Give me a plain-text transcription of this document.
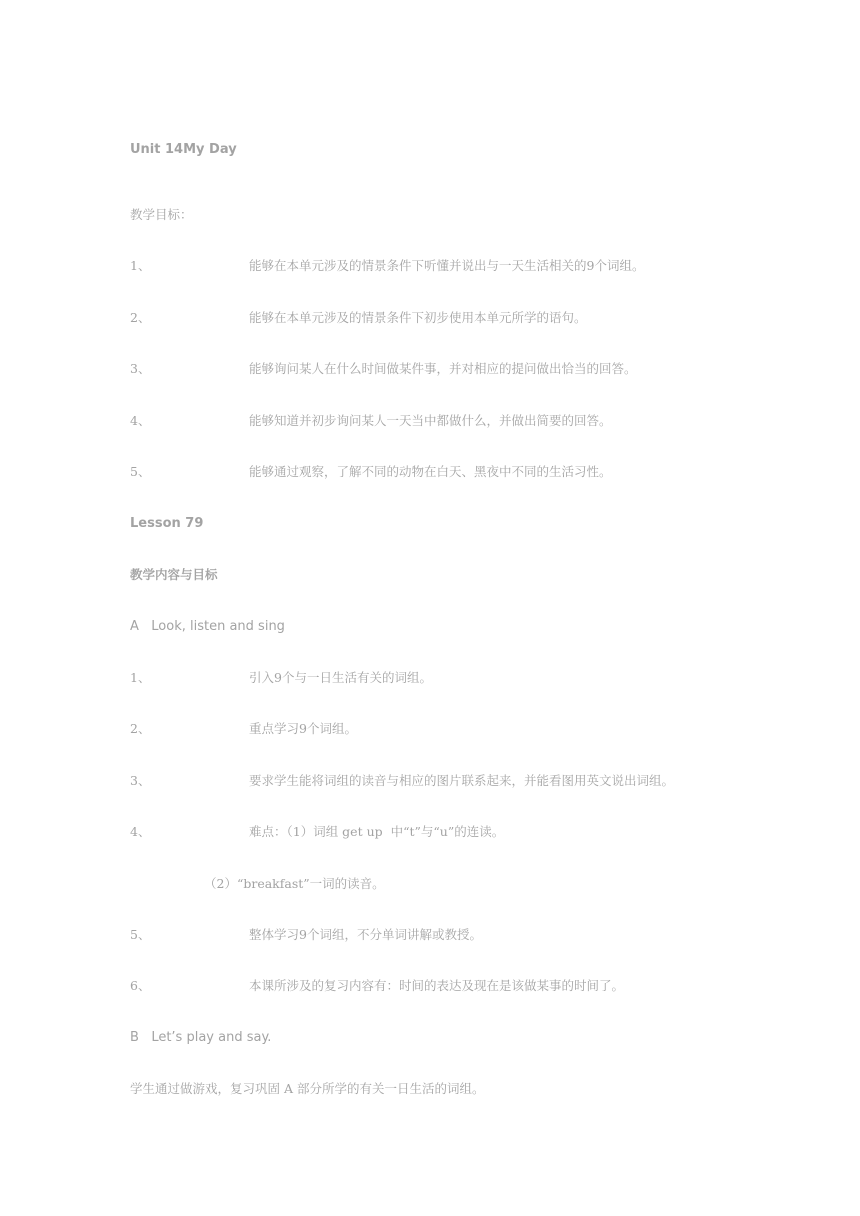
Unit 14My Day
教学目标：
1、	能够在本单元涉及的情景条件下听懂并说出与一天生活相关的9个词组。
2、	能够在本单元涉及的情景条件下初步使用本单元所学的语句。
3、	能够询问某人在什么时间做某件事，并对相应的提问做出恰当的回答。
4、	能够知道并初步询问某人一天当中都做什么，并做出简要的回答。
5、	能够通过观察，了解不同的动物在白天、黑夜中不同的生活习性。
Lesson 79
教学内容与目标
A   Look, listen and sing
1、	引入9个与一日生活有关的词组。
2、	重点学习9个词组。
3、	要求学生能将词组的读音与相应的图片联系起来，并能看图用英文说出词组。
4、	难点：（1）词组 get up  中“t”与“u”的连读。
（2）“breakfast”一词的读音。
5、	整体学习9个词组，不分单词讲解或教授。
6、	本课所涉及的复习内容有：时间的表达及现在是该做某事的时间了。
B   Let’s play and say.
学生通过做游戏，复习巩固 A 部分所学的有关一日生活的词组。
